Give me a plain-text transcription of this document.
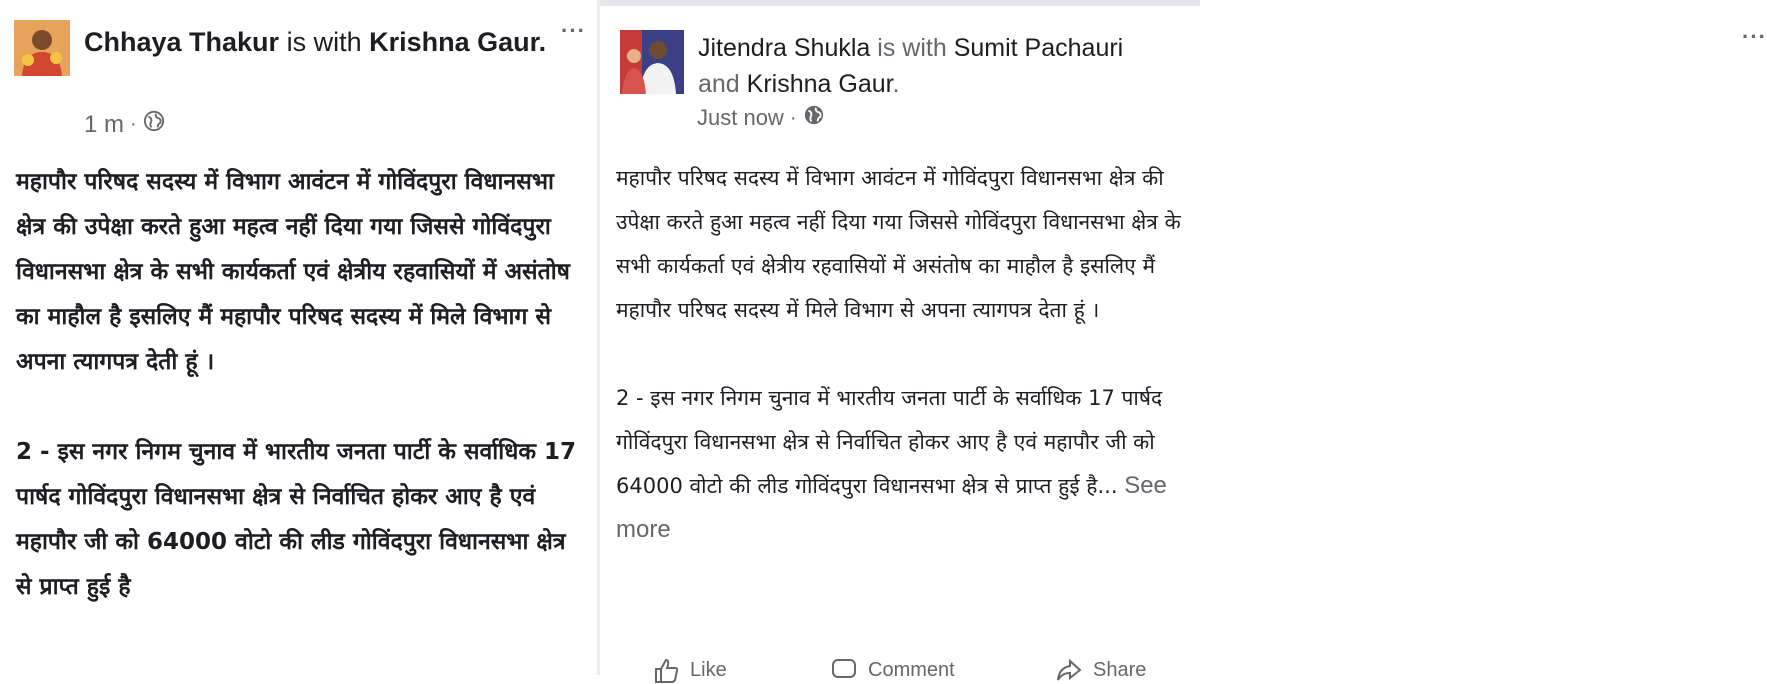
Chhaya Thakur is with Krishna Gaur. ···
1 m ·

महापौर परिषद सदस्य में विभाग आवंटन में गोविंदपुरा विधानसभा क्षेत्र की उपेक्षा करते हुआ महत्व नहीं दिया गया जिससे गोविंदपुरा विधानसभा क्षेत्र के सभी कार्यकर्ता एवं क्षेत्रीय रहवासियों में असंतोष का माहौल है इसलिए मैं महापौर परिषद सदस्य में मिले विभाग से अपना त्यागपत्र देती हूं ।

2 - इस नगर निगम चुनाव में भारतीय जनता पार्टी के सर्वाधिक 17 पार्षद गोविंदपुरा विधानसभा क्षेत्र से निर्वाचित होकर आए है एवं महापौर जी को 64000 वोटो की लीड गोविंदपुरा विधानसभा क्षेत्र से प्राप्त हुई है

Jitendra Shukla is with Sumit Pachauri and Krishna Gaur.
···
Just now ·

महापौर परिषद सदस्य में विभाग आवंटन में गोविंदपुरा विधानसभा क्षेत्र की उपेक्षा करते हुआ महत्व नहीं दिया गया जिससे गोविंदपुरा विधानसभा क्षेत्र के सभी कार्यकर्ता एवं क्षेत्रीय रहवासियों में असंतोष का माहौल है इसलिए मैं महापौर परिषद सदस्य में मिले विभाग से अपना त्यागपत्र देता हूं ।

2 - इस नगर निगम चुनाव में भारतीय जनता पार्टी के सर्वाधिक 17 पार्षद गोविंदपुरा विधानसभा क्षेत्र से निर्वाचित होकर आए है एवं महापौर जी को 64000 वोटो की लीड गोविंदपुरा विधानसभा क्षेत्र से प्राप्त हुई है... See more

Like	Comment	Share
